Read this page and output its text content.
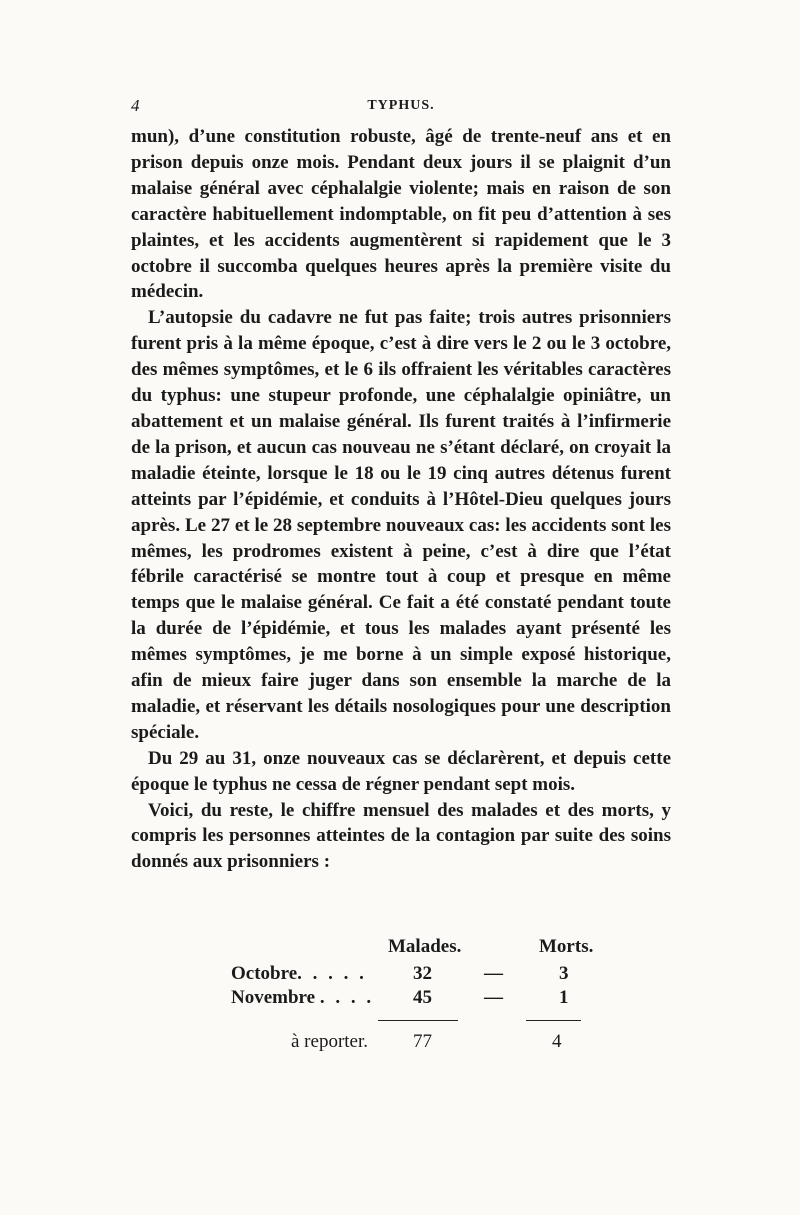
4	TYPHUS.

mun), d’une constitution robuste, âgé de trente-neuf ans et en prison depuis onze mois. Pendant deux jours il se plaignit d’un malaise général avec céphalalgie violente; mais en raison de son caractère habituellement indomptable, on fit peu d’attention à ses plaintes, et les accidents augmentèrent si rapidement que le 3 octobre il succomba quelques heures après la première visite du médecin.

L’autopsie du cadavre ne fut pas faite; trois autres prisonniers furent pris à la même époque, c’est à dire vers le 2 ou le 3 octobre, des mêmes symptômes, et le 6 ils offraient les véritables caractères du typhus: une stupeur profonde, une céphalalgie opiniâtre, un abattement et un malaise général. Ils furent traités à l’infirmerie de la prison, et aucun cas nouveau ne s’étant déclaré, on croyait la maladie éteinte, lorsque le 18 ou le 19 cinq autres détenus furent atteints par l’épidémie, et conduits à l’Hôtel-Dieu quelques jours après. Le 27 et le 28 septembre nouveaux cas: les accidents sont les mêmes, les prodromes existent à peine, c’est à dire que l’état fébrile caractérisé se montre tout à coup et presque en même temps que le malaise général. Ce fait a été constaté pendant toute la durée de l’épidémie, et tous les malades ayant présenté les mêmes symptômes, je me borne à un simple exposé historique, afin de mieux faire juger dans son ensemble la marche de la maladie, et réservant les détails nosologiques pour une description spéciale.

Du 29 au 31, onze nouveaux cas se déclarèrent, et depuis cette époque le typhus ne cessa de régner pendant sept mois.

Voici, du reste, le chiffre mensuel des malades et des morts, y compris les personnes atteintes de la contagion par suite des soins donnés aux prisonniers :

Malades.	Morts.
Octobre. . . . . 32	—	3
Novembre . . . . 45	—	1
à reporter. 77	4
